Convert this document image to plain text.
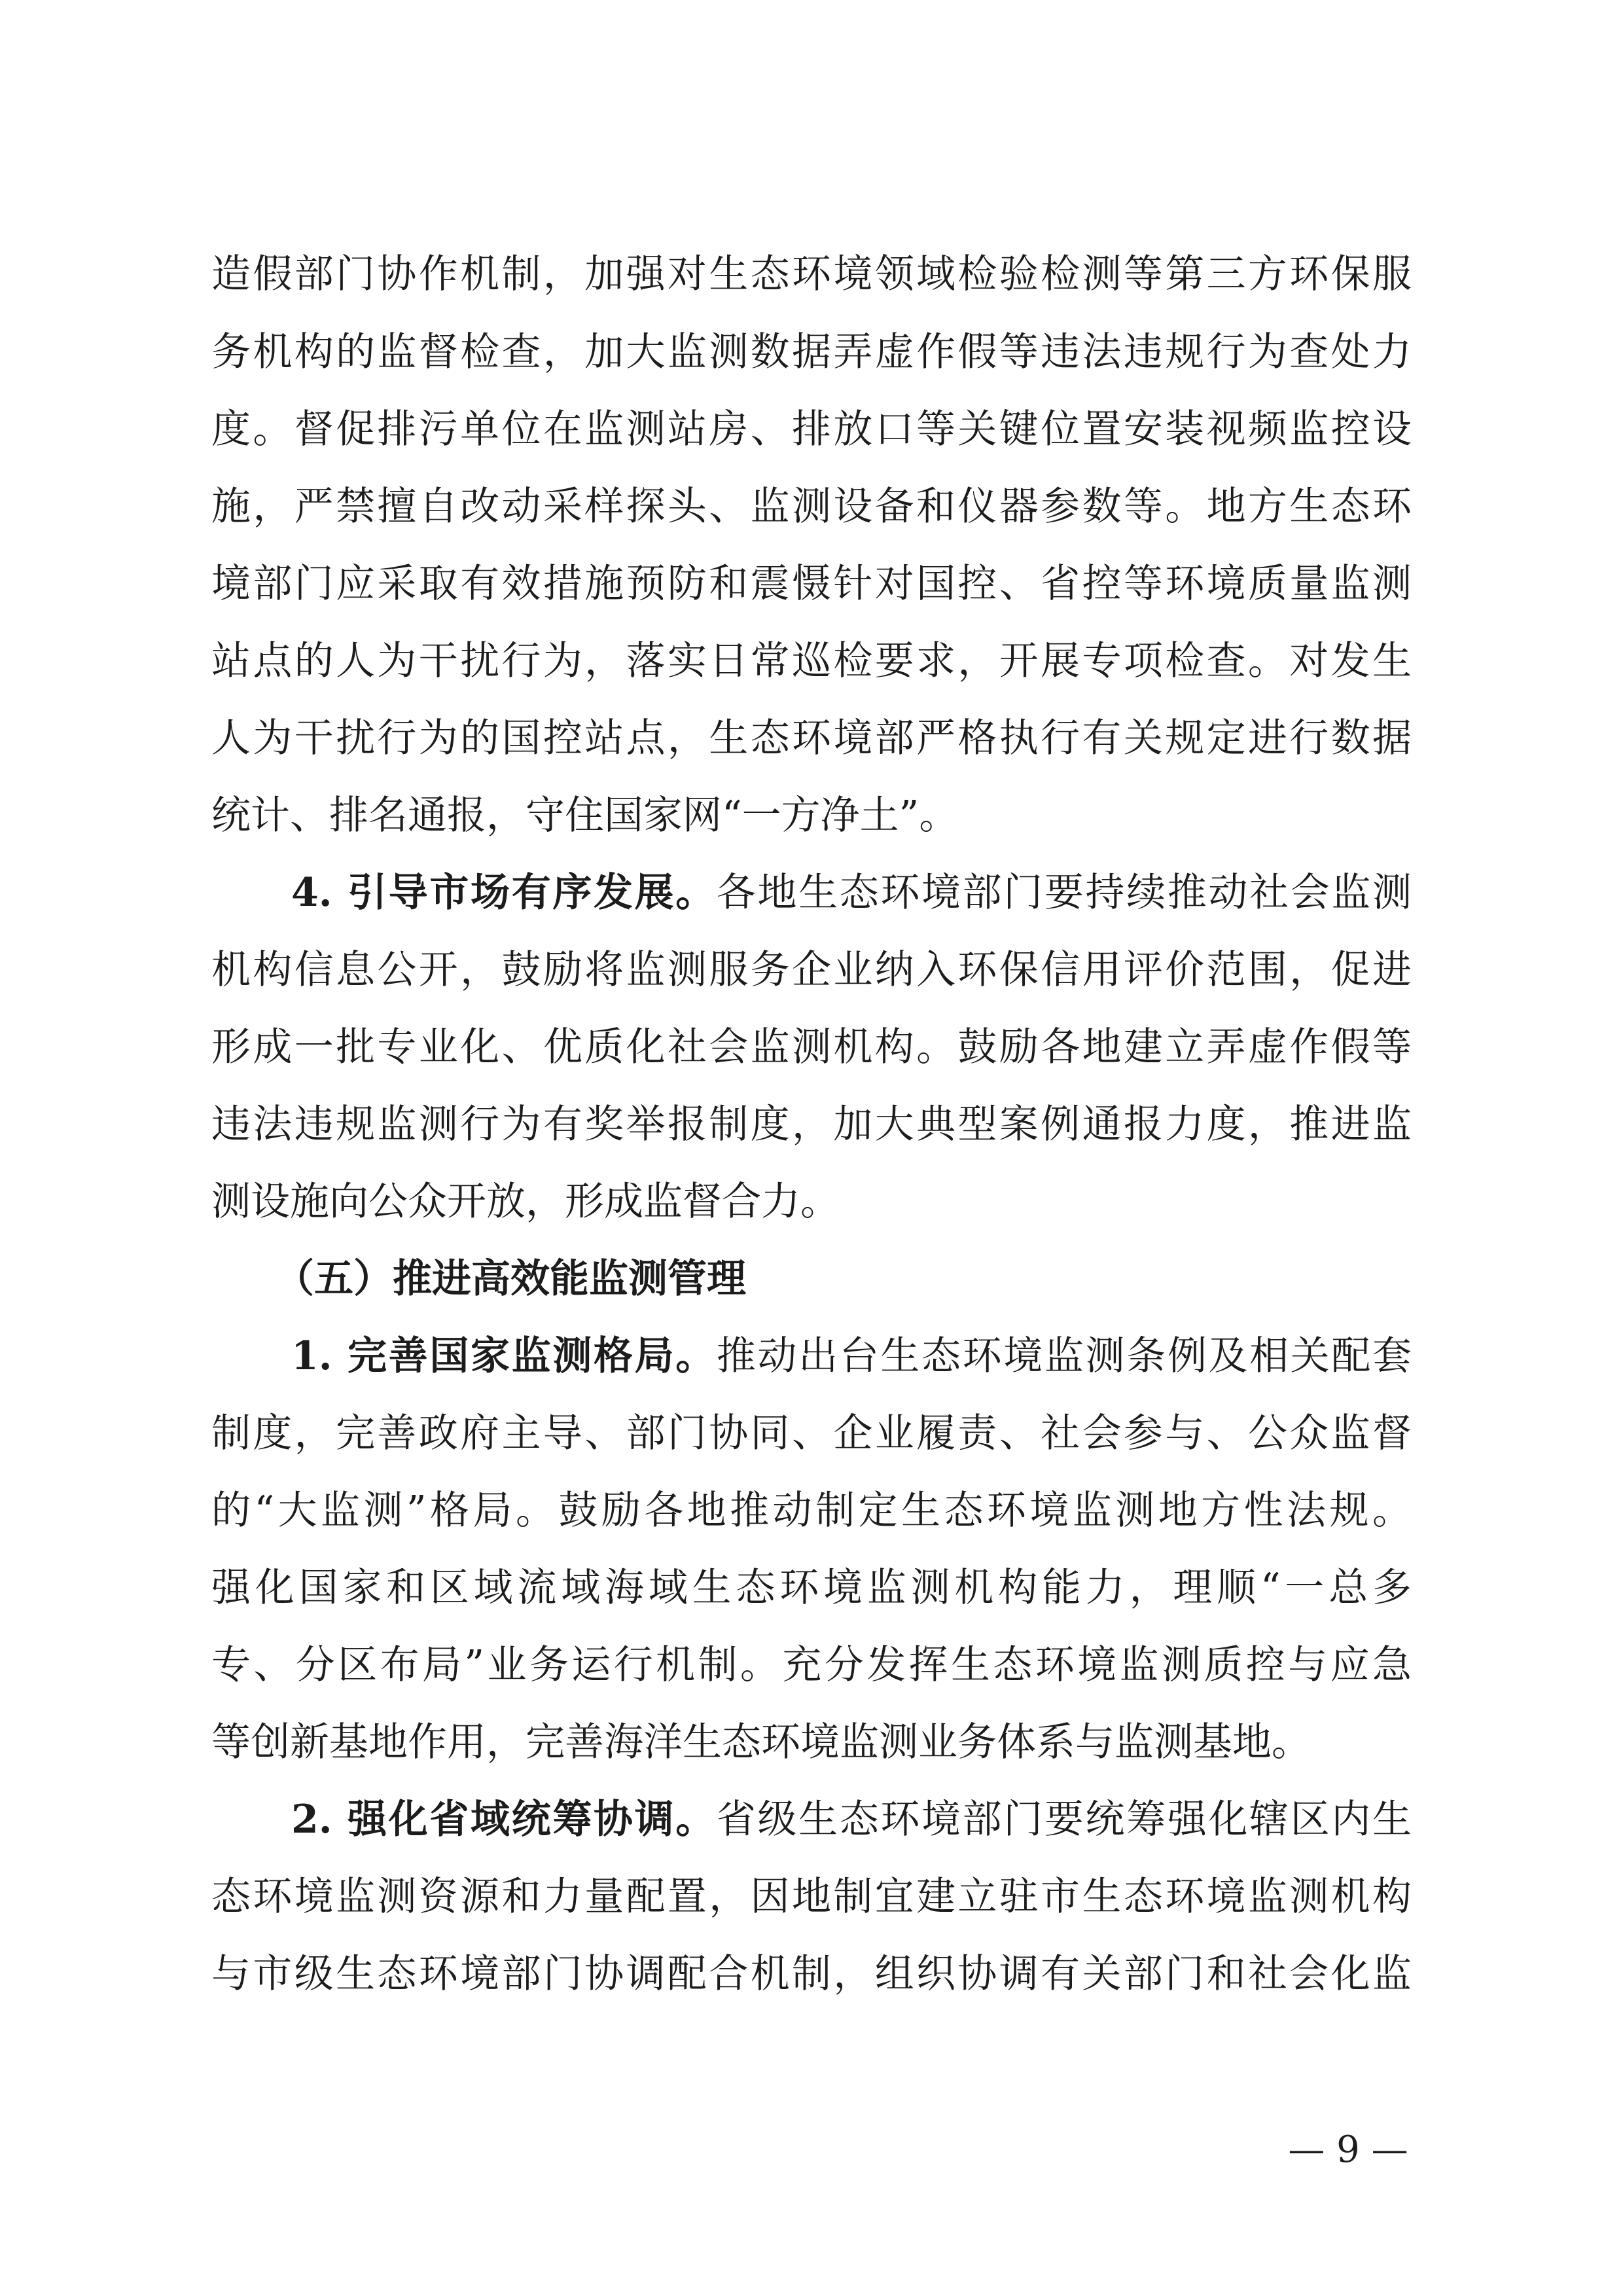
造假部门协作机制，加强对生态环境领域检验检测等第三方环保服
务机构的监督检查，加大监测数据弄虚作假等违法违规行为查处力
度。督促排污单位在监测站房、排放口等关键位置安装视频监控设
施，严禁擅自改动采样探头、监测设备和仪器参数等。地方生态环
境部门应采取有效措施预防和震慑针对国控、省控等环境质量监测
站点的人为干扰行为，落实日常巡检要求，开展专项检查。对发生
人为干扰行为的国控站点，生态环境部严格执行有关规定进行数据
统计、排名通报，守住国家网“一方净土”。
4. 引导市场有序发展。各地生态环境部门要持续推动社会监测
机构信息公开，鼓励将监测服务企业纳入环保信用评价范围，促进
形成一批专业化、优质化社会监测机构。鼓励各地建立弄虚作假等
违法违规监测行为有奖举报制度，加大典型案例通报力度，推进监
测设施向公众开放，形成监督合力。
（五）推进高效能监测管理
1. 完善国家监测格局。推动出台生态环境监测条例及相关配套
制度，完善政府主导、部门协同、企业履责、社会参与、公众监督
的“大监测”格局。鼓励各地推动制定生态环境监测地方性法规。
强化国家和区域流域海域生态环境监测机构能力，理顺“一总多
专、分区布局”业务运行机制。充分发挥生态环境监测质控与应急
等创新基地作用，完善海洋生态环境监测业务体系与监测基地。
2. 强化省域统筹协调。省级生态环境部门要统筹强化辖区内生
态环境监测资源和力量配置，因地制宜建立驻市生态环境监测机构
与市级生态环境部门协调配合机制，组织协调有关部门和社会化监
— 9 —
